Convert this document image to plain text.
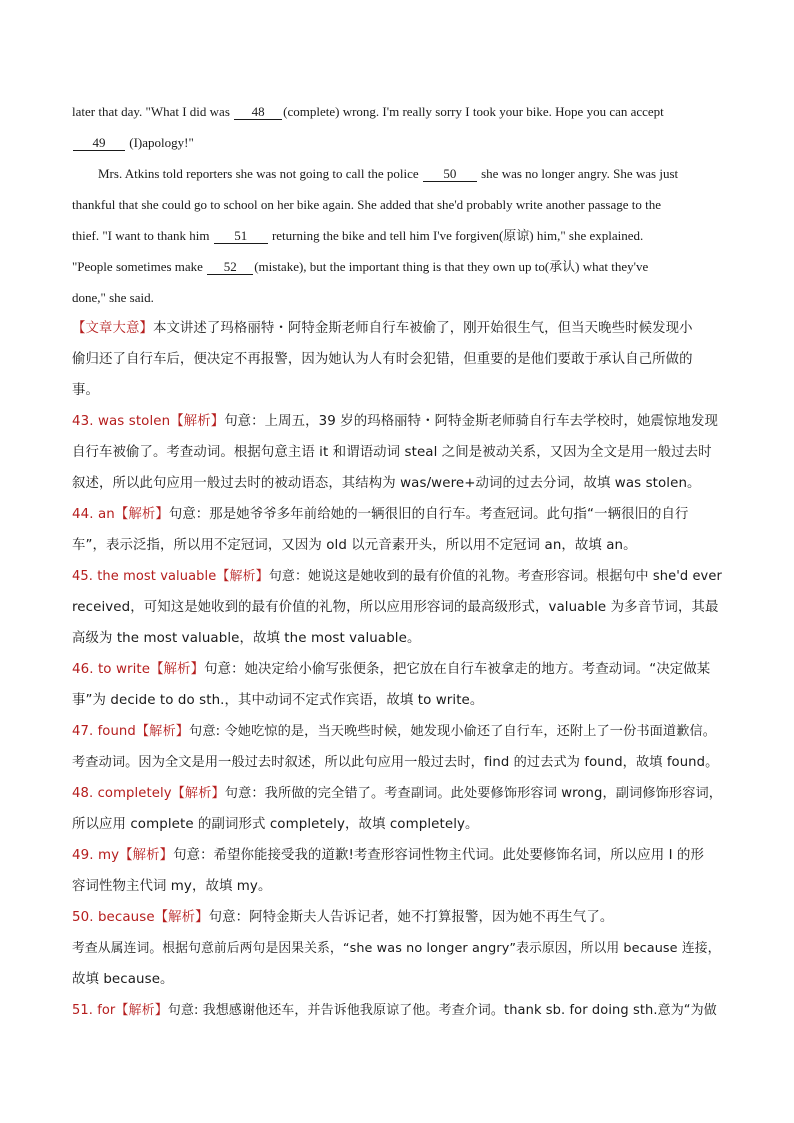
later that day. "What I did was 48 (complete) wrong. I'm really sorry I took your bike. Hope you can accept
49 (I)apology!"
Mrs. Atkins told reporters she was not going to call the police 50 she was no longer angry. She was just
thankful that she could go to school on her bike again. She added that she'd probably write another passage to the
thief. "I want to thank him 51 returning the bike and tell him I've forgiven(原谅) him," she explained.
"People sometimes make 52 (mistake), but the important thing is that they own up to(承认) what they've
done," she said.
【文章大意】本文讲述了玛格丽特・阿特金斯老师自行车被偷了，刚开始很生气，但当天晚些时候发现小
偷归还了自行车后，便决定不再报警，因为她认为人有时会犯错，但重要的是他们要敢于承认自己所做的
事。
43. was stolen【解析】句意：上周五，39 岁的玛格丽特・阿特金斯老师骑自行车去学校时，她震惊地发现
自行车被偷了。考查动词。根据句意主语 it 和谓语动词 steal 之间是被动关系，又因为全文是用一般过去时
叙述，所以此句应用一般过去时的被动语态，其结构为 was/were+动词的过去分词，故填 was stolen。
44. an【解析】句意：那是她爷爷多年前给她的一辆很旧的自行车。考查冠词。此句指“一辆很旧的自行
车”，表示泛指，所以用不定冠词，又因为 old 以元音素开头，所以用不定冠词 an，故填 an。
45. the most valuable【解析】句意：她说这是她收到的最有价值的礼物。考查形容词。根据句中 she'd ever
received，可知这是她收到的最有价值的礼物，所以应用形容词的最高级形式，valuable 为多音节词，其最
高级为 the most valuable，故填 the most valuable。
46. to write【解析】句意：她决定给小偷写张便条，把它放在自行车被拿走的地方。考查动词。“决定做某
事”为 decide to do sth.，其中动词不定式作宾语，故填 to write。
47. found【解析】句意: 令她吃惊的是，当天晚些时候，她发现小偷还了自行车，还附上了一份书面道歉信。
考查动词。因为全文是用一般过去时叙述，所以此句应用一般过去时，find 的过去式为 found，故填 found。
48. completely【解析】句意：我所做的完全错了。考查副词。此处要修饰形容词 wrong，副词修饰形容词，
所以应用 complete 的副词形式 completely，故填 completely。
49. my【解析】句意：希望你能接受我的道歉!考查形容词性物主代词。此处要修饰名词，所以应用 I 的形
容词性物主代词 my，故填 my。
50. because【解析】句意：阿特金斯夫人告诉记者，她不打算报警，因为她不再生气了。
考查从属连词。根据句意前后两句是因果关系，“she was no longer angry”表示原因，所以用 because 连接，
故填 because。
51. for【解析】句意: 我想感谢他还车，并告诉他我原谅了他。考查介词。thank sb. for doing sth.意为“为做
